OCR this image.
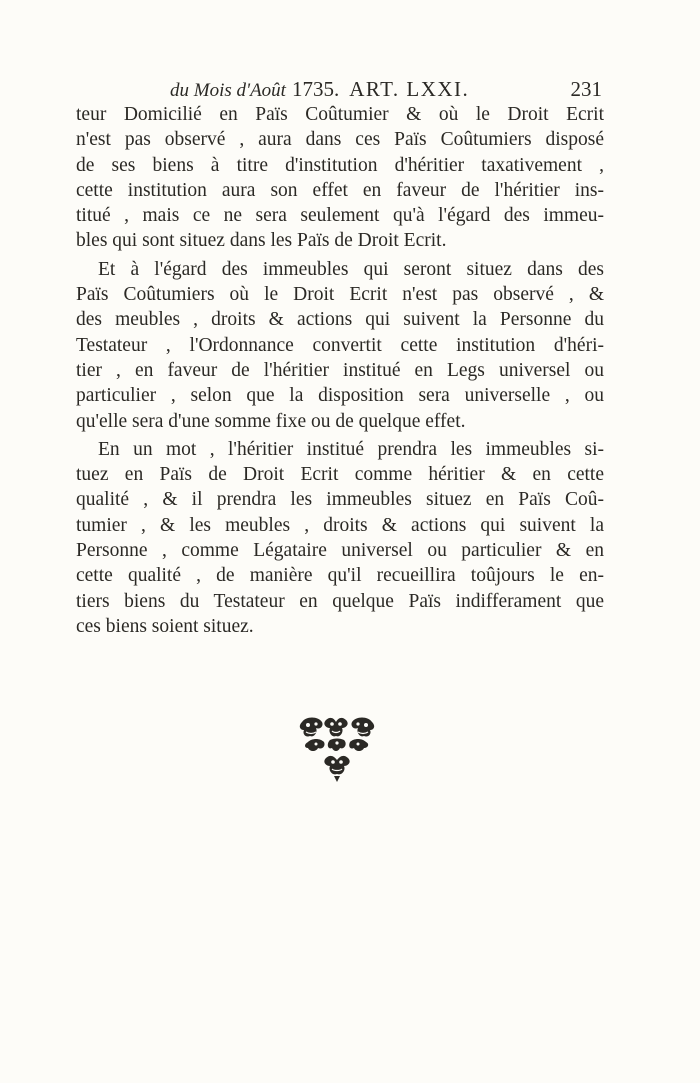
du Mois d'Août 1735. ART. LXXI.	231
teur Domicilié en Païs Coûtumier & où le Droit Ecrit
n'est pas observé , aura dans ces Païs Coûtumiers disposé
de ses biens à titre d'institution d'héritier taxativement ,
cette institution aura son effet en faveur de l'héritier ins-
titué , mais ce ne sera seulement qu'à l'égard des immeu-
bles qui sont situez dans les Païs de Droit Ecrit.
Et à l'égard des immeubles qui seront situez dans des
Païs Coûtumiers où le Droit Ecrit n'est pas observé , &
des meubles , droits & actions qui suivent la Personne du
Testateur , l'Ordonnance convertit cette institution d'héri-
tier , en faveur de l'héritier institué en Legs universel ou
particulier , selon que la disposition sera universelle , ou
qu'elle sera d'une somme fixe ou de quelque effet.
En un mot , l'héritier institué prendra les immeubles si-
tuez en Païs de Droit Ecrit comme héritier & en cette
qualité , & il prendra les immeubles situez en Païs Coû-
tumier , & les meubles , droits & actions qui suivent la
Personne , comme Légataire universel ou particulier & en
cette qualité , de manière qu'il recueillira toûjours le en-
tiers biens du Testateur en quelque Païs indifferament que
ces biens soient situez.
